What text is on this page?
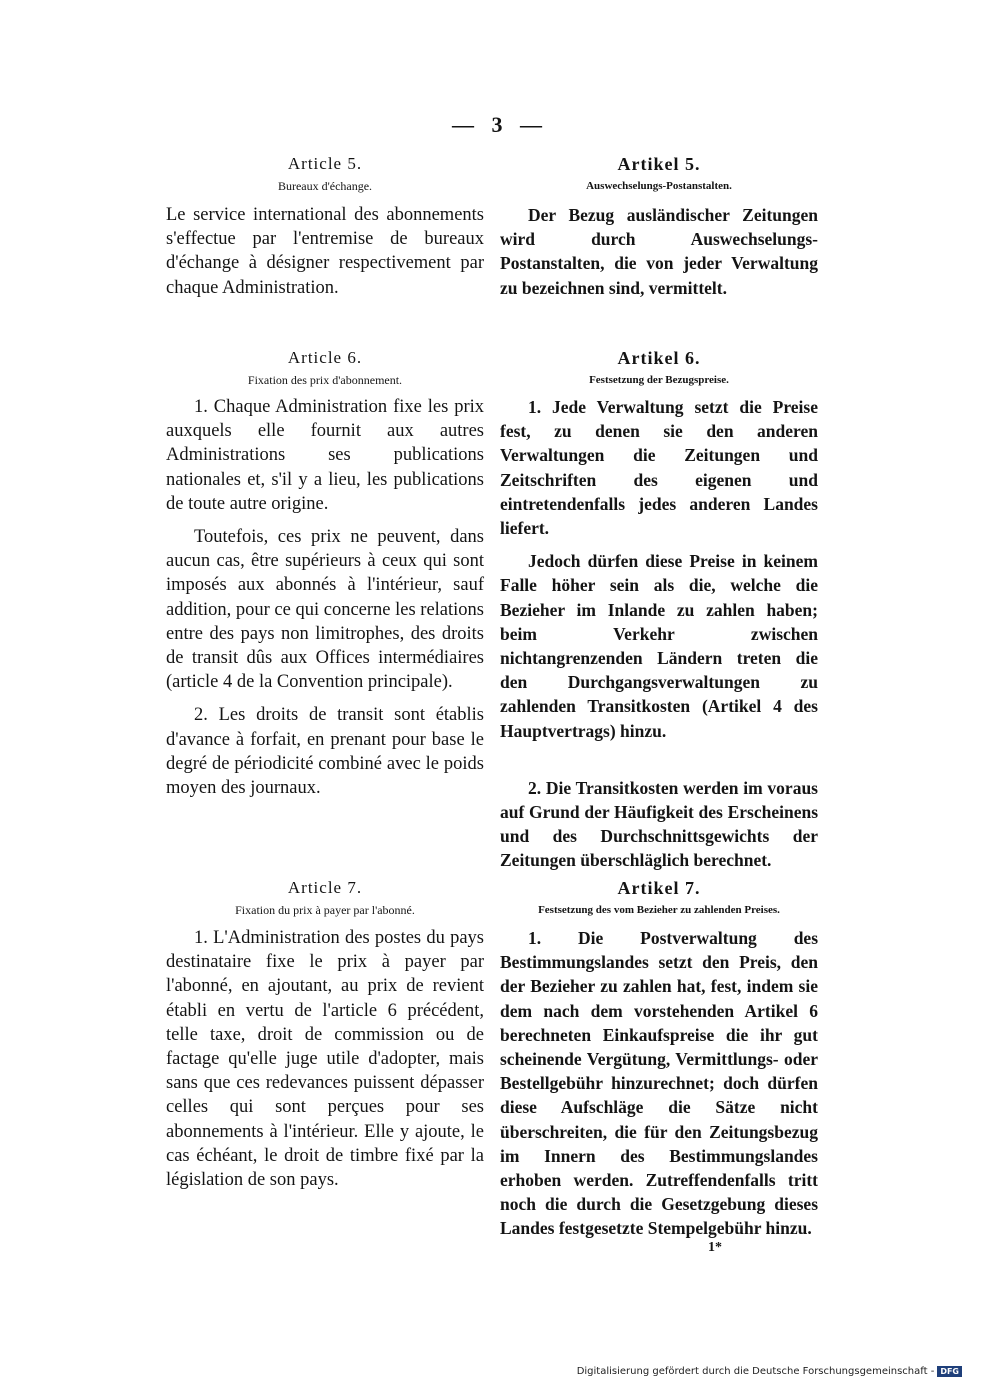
— 3 —

Article 5.

Bureaux d'échange.

Le service international des abonnements s'effectue par l'entremise de bureaux d'échange à désigner respectivement par chaque Administration.

Article 6.

Fixation des prix d'abonnement.

1. Chaque Administration fixe les prix auxquels elle fournit aux autres Administrations ses publications nationales et, s'il y a lieu, les publications de toute autre origine.

Toutefois, ces prix ne peuvent, dans aucun cas, être supérieurs à ceux qui sont imposés aux abonnés à l'intérieur, sauf addition, pour ce qui concerne les relations entre des pays non limitrophes, des droits de transit dûs aux Offices intermédiaires (article 4 de la Convention principale).

2. Les droits de transit sont établis d'avance à forfait, en prenant pour base le degré de périodicité combiné avec le poids moyen des journaux.

Article 7.

Fixation du prix à payer par l'abonné.

1. L'Administration des postes du pays destinataire fixe le prix à payer par l'abonné, en ajoutant, au prix de revient établi en vertu de l'article 6 précédent, telle taxe, droit de commission ou de factage qu'elle juge utile d'adopter, mais sans que ces redevances puissent dépasser celles qui sont perçues pour ses abonnements à l'intérieur. Elle y ajoute, le cas échéant, le droit de timbre fixé par la législation de son pays.

Artikel 5.

Auswechselungs-Postanstalten.

Der Bezug ausländischer Zeitungen wird durch Auswechselungs-Postanstalten, die von jeder Verwaltung zu bezeichnen sind, vermittelt.

Artikel 6.

Festsetzung der Bezugspreise.

1. Jede Verwaltung setzt die Preise fest, zu denen sie den anderen Verwaltungen die Zeitungen und Zeitschriften des eigenen und eintretendenfalls jedes anderen Landes liefert.

Jedoch dürfen diese Preise in keinem Falle höher sein als die, welche die Bezieher im Inlande zu zahlen haben; beim Verkehr zwischen nichtangrenzenden Ländern treten die den Durchgangsverwaltungen zu zahlenden Transitkosten (Artikel 4 des Hauptvertrags) hinzu.

2. Die Transitkosten werden im voraus auf Grund der Häufigkeit des Erscheinens und des Durchschnittsgewichts der Zeitungen überschläglich berechnet.

Artikel 7.

Festsetzung des vom Bezieher zu zahlenden Preises.

1. Die Postverwaltung des Bestimmungslandes setzt den Preis, den der Bezieher zu zahlen hat, fest, indem sie dem nach dem vorstehenden Artikel 6 berechneten Einkaufspreise die ihr gut scheinende Vergütung, Vermittlungs- oder Bestellgebühr hinzurechnet; doch dürfen diese Aufschläge die Sätze nicht überschreiten, die für den Zeitungsbezug im Innern des Bestimmungslandes erhoben werden. Zutreffendenfalls tritt noch die durch die Gesetzgebung dieses Landes festgesetzte Stempelgebühr hinzu.

1*
Digitalisierung gefördert durch die Deutsche Forschungsgemeinschaft - DFG
